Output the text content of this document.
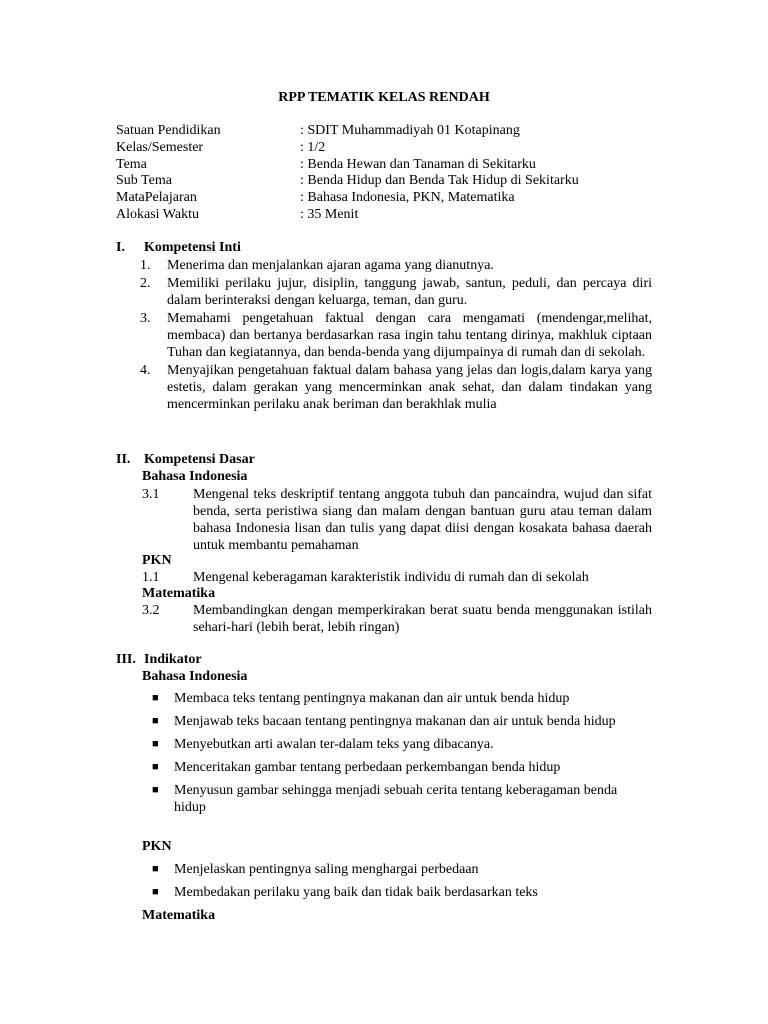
RPP TEMATIK KELAS RENDAH
Satuan Pendidikan	: SDIT Muhammadiyah 01 Kotapinang
Kelas/Semester	: 1/2
Tema	: Benda Hewan dan Tanaman di Sekitarku
Sub Tema	: Benda Hidup dan Benda Tak Hidup di Sekitarku
MataPelajaran	: Bahasa Indonesia, PKN, Matematika
Alokasi Waktu	: 35 Menit
I. Kompetensi Inti
1.	Menerima dan menjalankan ajaran agama yang dianutnya.
2.	Memiliki perilaku jujur, disiplin, tanggung jawab, santun, peduli, dan percaya diri dalam berinteraksi dengan keluarga, teman, dan guru.
3.	Memahami pengetahuan faktual dengan cara mengamati (mendengar,melihat, membaca) dan bertanya berdasarkan rasa ingin tahu tentang dirinya, makhluk ciptaan Tuhan dan kegiatannya, dan benda-benda yang dijumpainya di rumah dan di sekolah.
4.	Menyajikan pengetahuan faktual dalam bahasa yang jelas dan logis,dalam karya yang estetis, dalam gerakan yang mencerminkan anak sehat, dan dalam tindakan yang mencerminkan perilaku anak beriman dan berakhlak mulia
II. Kompetensi Dasar
Bahasa Indonesia
3.1	Mengenal teks deskriptif tentang anggota tubuh dan pancaindra, wujud dan sifat benda, serta peristiwa siang dan malam dengan bantuan guru atau teman dalam bahasa Indonesia lisan dan tulis yang dapat diisi dengan kosakata bahasa daerah untuk membantu pemahaman
PKN
1.1	Mengenal keberagaman karakteristik individu di rumah dan di sekolah
Matematika
3.2	Membandingkan dengan memperkirakan berat suatu benda menggunakan istilah sehari-hari (lebih berat, lebih ringan)
III. Indikator
Bahasa Indonesia
■	Membaca teks tentang pentingnya makanan dan air untuk benda hidup
■	Menjawab teks bacaan tentang pentingnya makanan dan air untuk benda hidup
■	Menyebutkan arti awalan ter-dalam teks yang dibacanya.
■	Menceritakan gambar tentang perbedaan perkembangan benda hidup
■	Menyusun gambar sehingga menjadi sebuah cerita tentang keberagaman benda hidup
PKN
■	Menjelaskan pentingnya saling menghargai perbedaan
■	Membedakan perilaku yang baik dan tidak baik berdasarkan teks
Matematika
